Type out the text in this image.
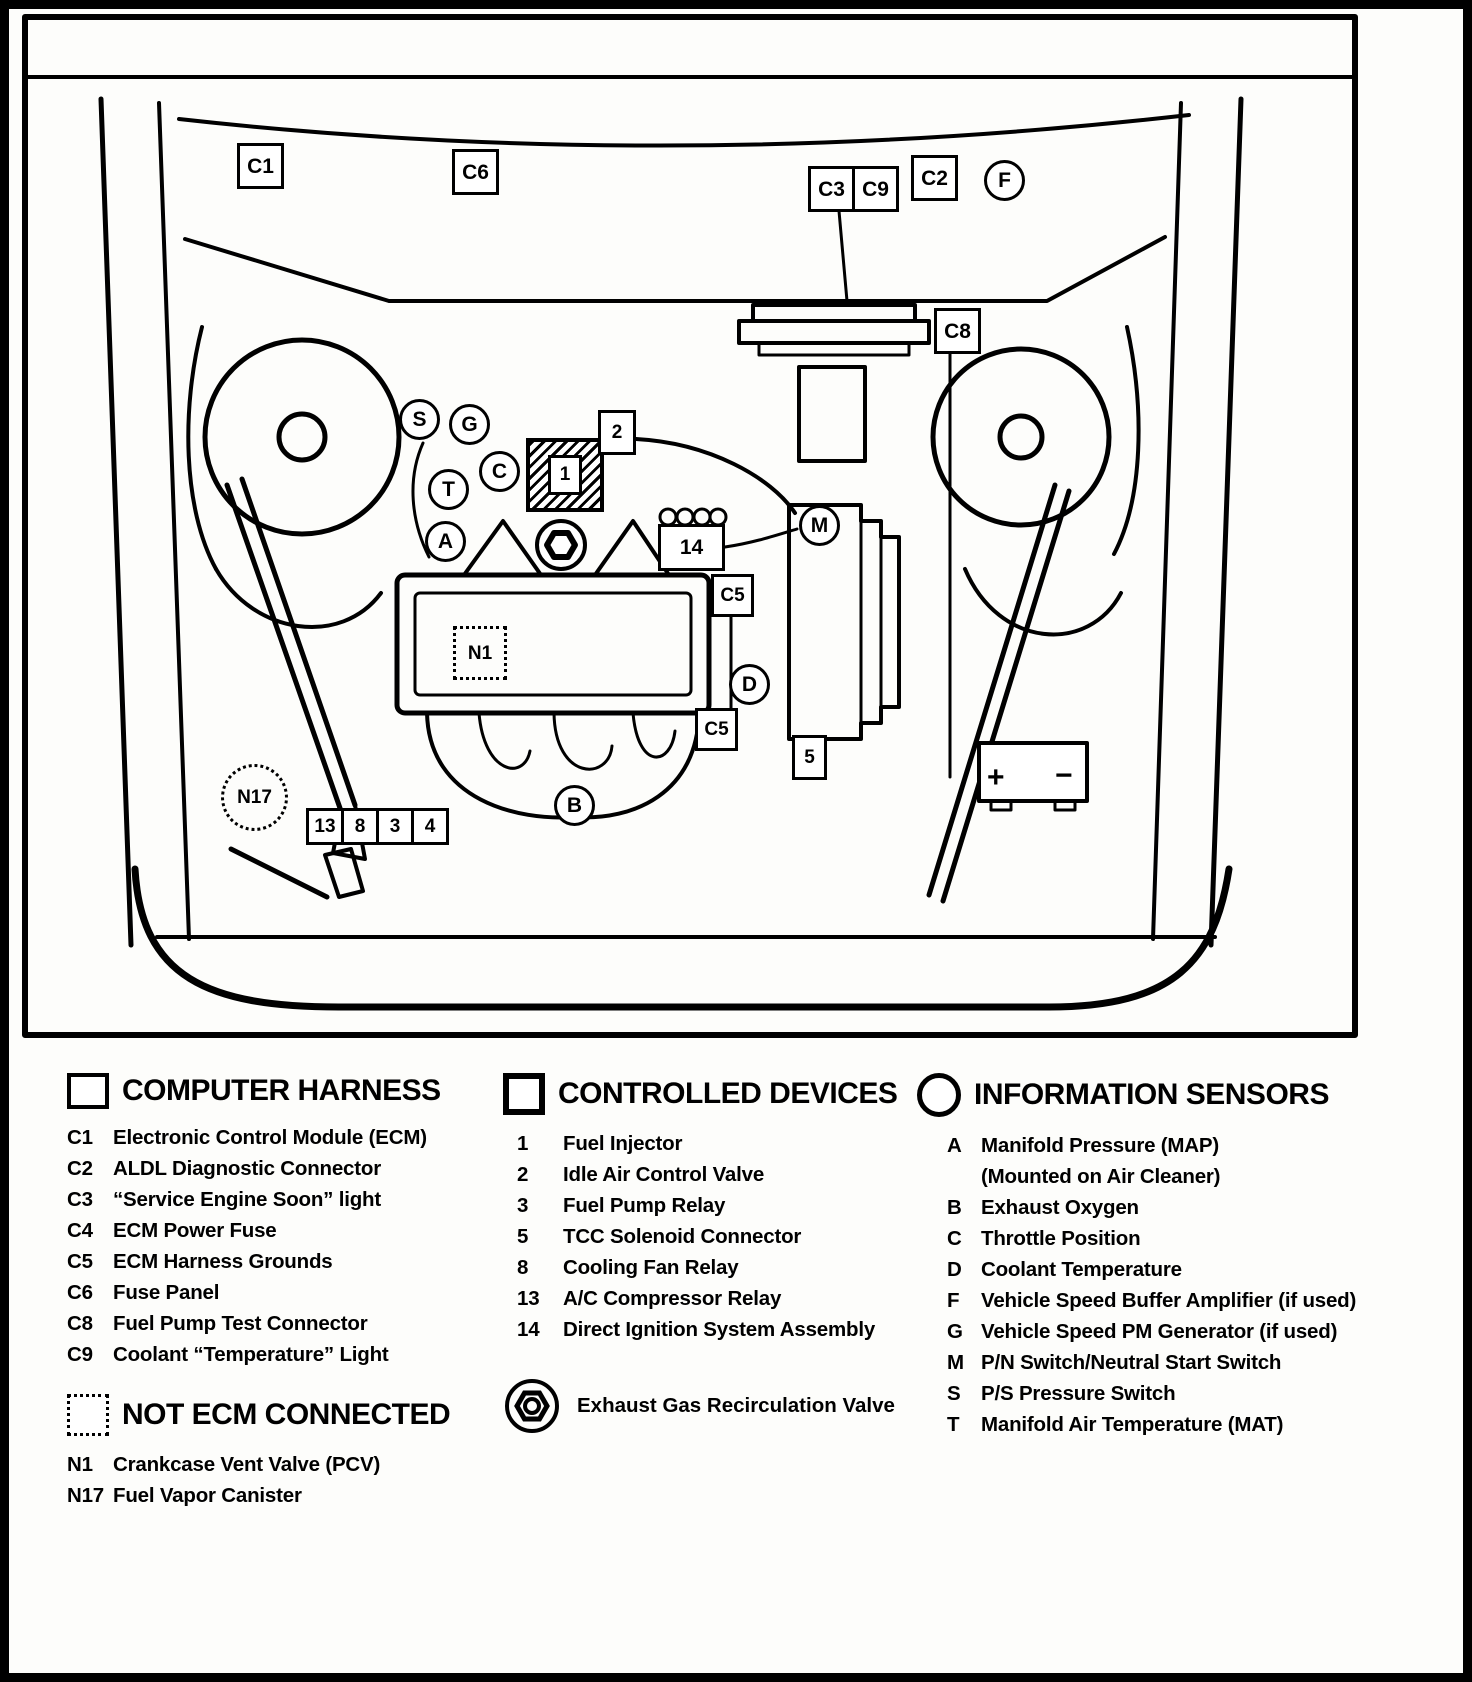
C1	C6
C3 C9	C2	F
C8
S	G
T
C
A
1
2
14
M
C5
D
C5
5
B
N17
N1
13	8	3	4
+ −
COMPUTER HARNESS
C1 Electronic Control Module (ECM)
C2 ALDL Diagnostic Connector
C3 “Service Engine Soon” light
C4 ECM Power Fuse
C5 ECM Harness Grounds
C6 Fuse Panel
C8 Fuel Pump Test Connector
C9 Coolant “Temperature” Light
NOT ECM CONNECTED
N1 Crankcase Vent Valve (PCV)
N17 Fuel Vapor Canister
CONTROLLED DEVICES
1	Fuel Injector
2	Idle Air Control Valve
3	Fuel Pump Relay
5	TCC Solenoid Connector
8	Cooling Fan Relay
13	A/C Compressor Relay
14	Direct Ignition System Assembly
Exhaust Gas Recirculation Valve
INFORMATION SENSORS
A Manifold Pressure (MAP)
(Mounted on Air Cleaner)
B Exhaust Oxygen
C Throttle Position
D Coolant Temperature
F	Vehicle Speed Buffer Amplifier (if used)
G Vehicle Speed PM Generator (if used)
M P/N Switch/Neutral Start Switch
S	P/S Pressure Switch
T	Manifold Air Temperature (MAT)
